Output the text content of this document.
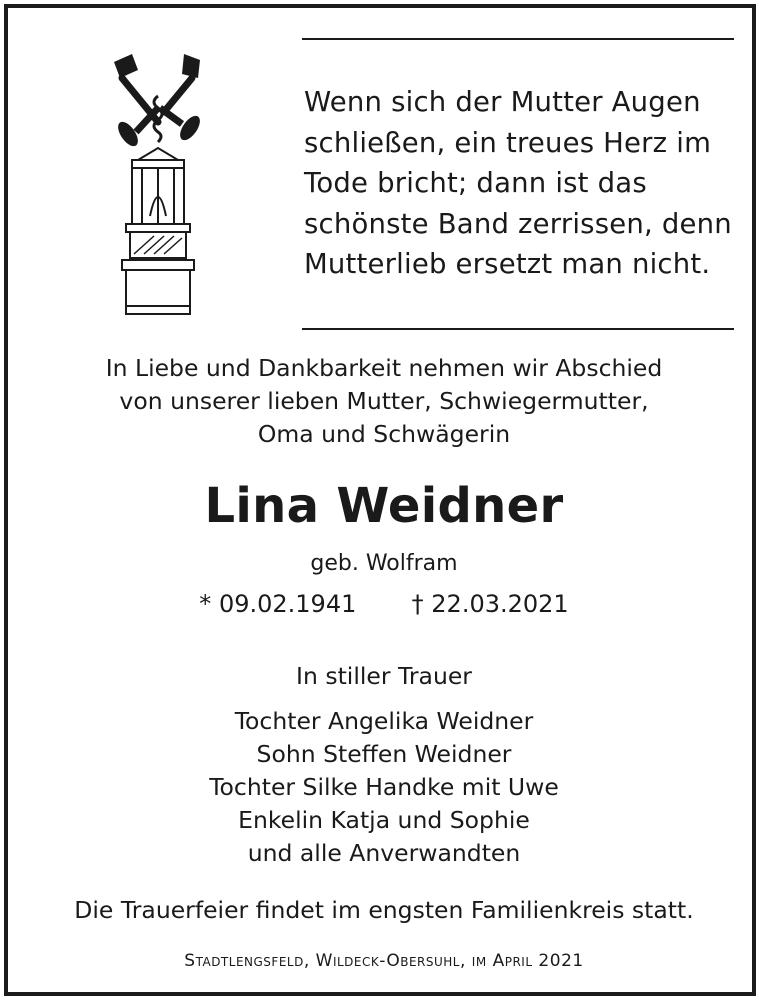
Wenn sich der Mutter Augen
schließen, ein treues Herz im
Tode bricht; dann ist das
schönste Band zerrissen, denn
Mutterlieb ersetzt man nicht.
In Liebe und Dankbarkeit nehmen wir Abschied
von unserer lieben Mutter, Schwiegermutter,
Oma und Schwägerin
Lina Weidner
geb. Wolfram
* 09.02.1941 † 22.03.2021
In stiller Trauer
Tochter Angelika Weidner
Sohn Steffen Weidner
Tochter Silke Handke mit Uwe
Enkelin Katja und Sophie
und alle Anverwandten
Die Trauerfeier findet im engsten Familienkreis statt.
Stadtlengsfeld, Wildeck-Obersuhl, im April 2021
